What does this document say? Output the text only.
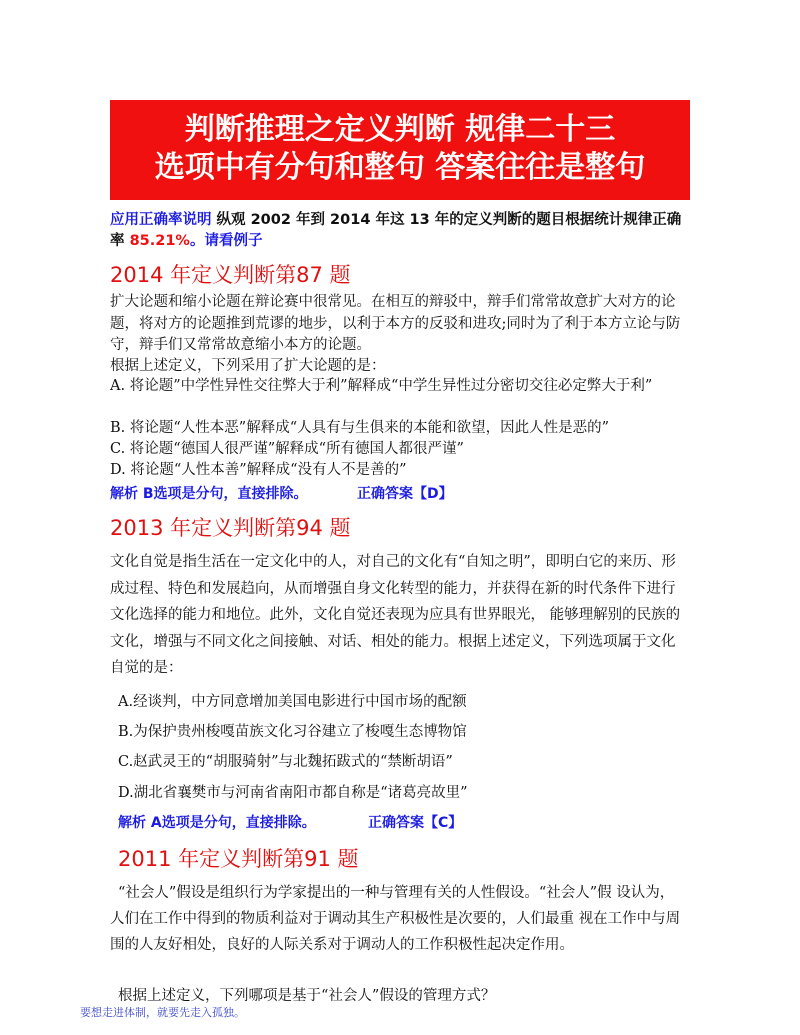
判断推理之定义判断 规律二十三
选项中有分句和整句 答案往往是整句
应用正确率说明 纵观 2002 年到 2014 年这 13 年的定义判断的题目根据统计规律正确率 85.21%。请看例子
2014 年定义判断第87 题
扩大论题和缩小论题在辩论赛中很常见。在相互的辩驳中，辩手们常常故意扩大对方的论题，将对方的论题推到荒谬的地步，以利于本方的反驳和进攻;同时为了利于本方立论与防守，辩手们又常常故意缩小本方的论题。
根据上述定义，下列采用了扩大论题的是：
A. 将论题”中学性异性交往弊大于利”解释成“中学生异性过分密切交往必定弊大于利”
B. 将论题“人性本恶”解释成“人具有与生俱来的本能和欲望，因此人性是恶的”
C. 将论题“德国人很严谨”解释成“所有德国人都很严谨”
D. 将论题“人性本善”解释成“没有人不是善的”
解析 B选项是分句，直接排除。	正确答案【D】
2013 年定义判断第94 题
文化自觉是指生活在一定文化中的人，对自己的文化有“自知之明”，即明白它的来历、形成过程、特色和发展趋向，从而增强自身文化转型的能力，并获得在新的时代条件下进行文化选择的能力和地位。此外，文化自觉还表现为应具有世界眼光， 能够理解别的民族的文化，增强与不同文化之间接触、对话、相处的能力。根据上述定义，下列选项属于文化自觉的是：
A.经谈判，中方同意增加美国电影进行中国市场的配额
B.为保护贵州梭嘎苗族文化习谷建立了梭嘎生态博物馆
C.赵武灵王的“胡服骑射”与北魏拓跋式的“禁断胡语”
D.湖北省襄樊市与河南省南阳市都自称是“诸葛亮故里”
解析 A选项是分句，直接排除。	正确答案【C】
2011 年定义判断第91 题
“社会人”假设是组织行为学家提出的一种与管理有关的人性假设。“社会人”假 设认为，人们在工作中得到的物质利益对于调动其生产积极性是次要的，人们最重 视在工作中与周围的人友好相处，良好的人际关系对于调动人的工作积极性起决定作用。
根据上述定义，下列哪项是基于“社会人”假设的管理方式？
要想走进体制，就要先走入孤独。
